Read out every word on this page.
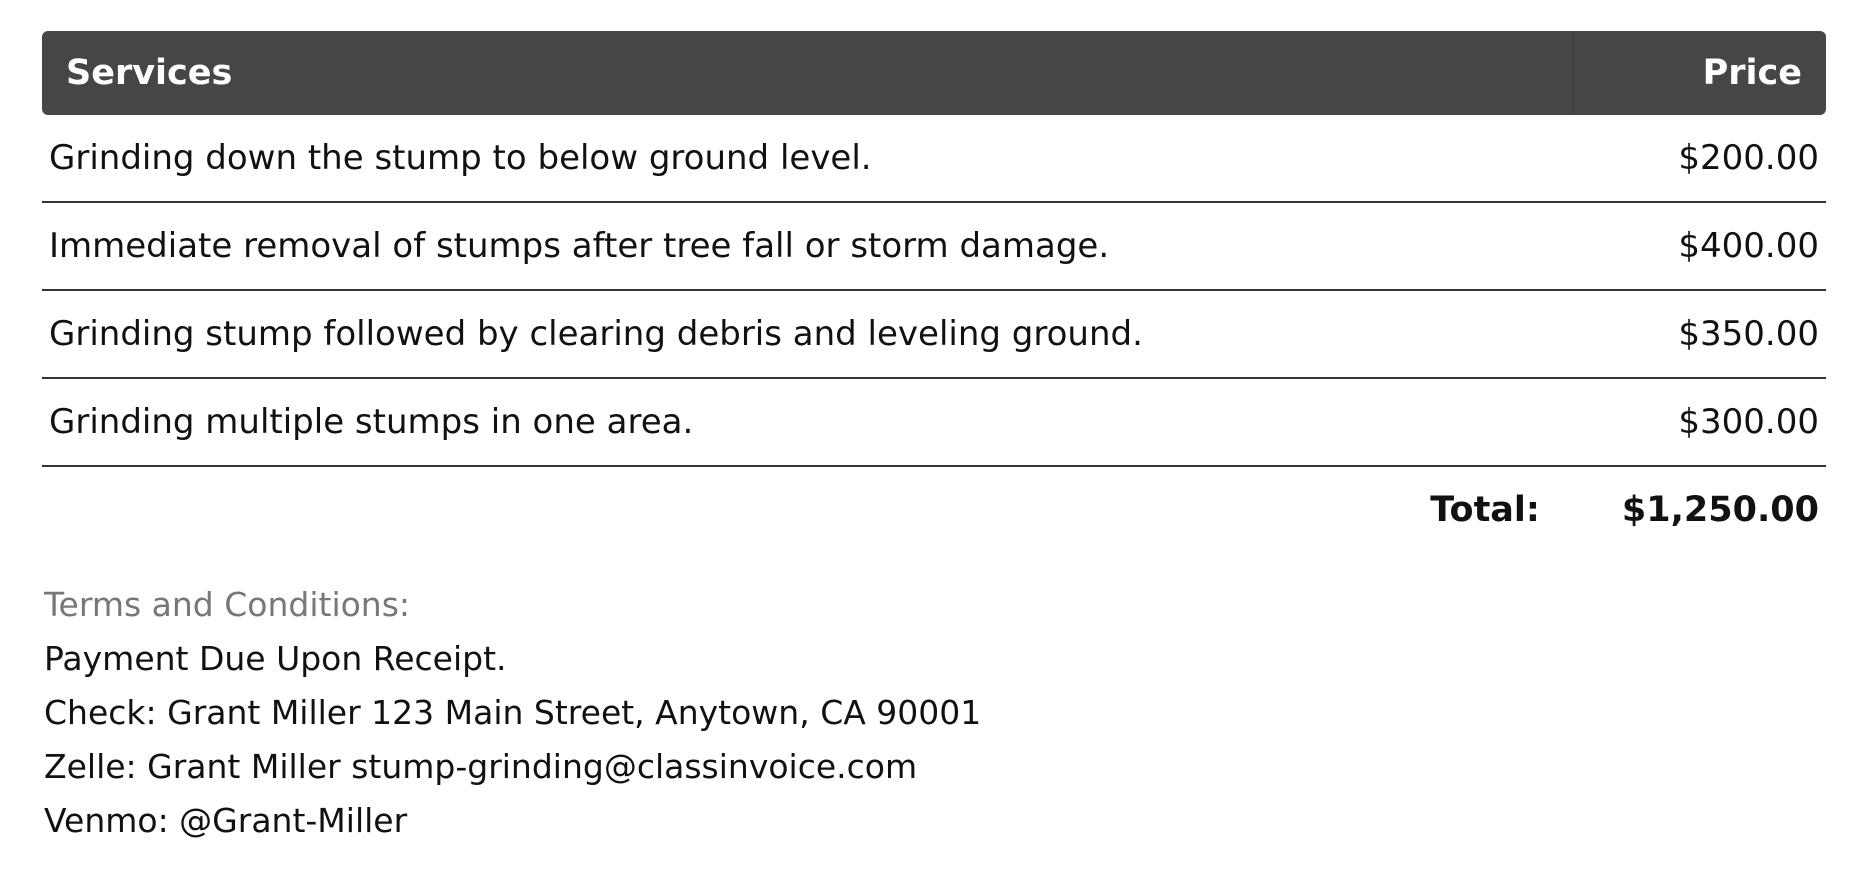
Services	Price
Grinding down the stump to below ground level.	$200.00
Immediate removal of stumps after tree fall or storm damage.	$400.00
Grinding stump followed by clearing debris and leveling ground.	$350.00
Grinding multiple stumps in one area.	$300.00
Total: $1,250.00
Terms and Conditions:
Payment Due Upon Receipt.
Check: Grant Miller 123 Main Street, Anytown, CA 90001
Zelle: Grant Miller stump-grinding@classinvoice.com
Venmo: @Grant-Miller
